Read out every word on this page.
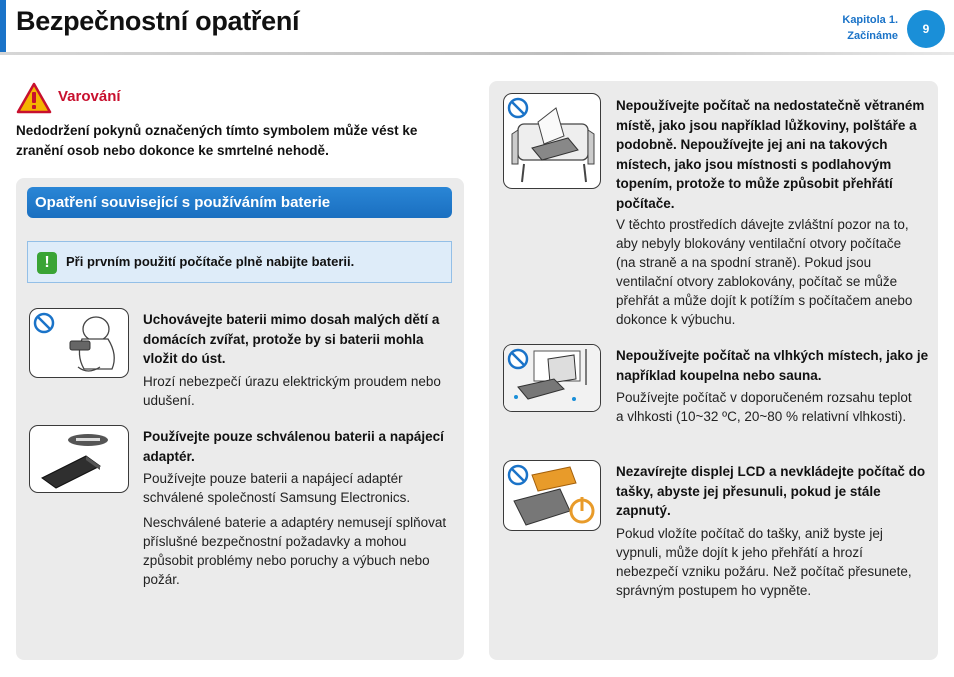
Bezpečnostní opatření	Kapitola 1.
Začínáme	9
Varování
Nedodržení pokynů označených tímto symbolem může vést ke zranění osob nebo dokonce ke smrtelné nehodě.
Opatření související s používáním baterie
!	Při prvním použití počítače plně nabijte baterii.
Uchovávejte baterii mimo dosah malých dětí a domácích zvířat, protože by si baterii mohla vložit do úst.
Hrozí nebezpečí úrazu elektrickým proudem nebo udušení.
Používejte pouze schválenou baterii a napájecí adaptér.
Používejte pouze baterii a napájecí adaptér schválené společností Samsung Electronics.
Neschválené baterie a adaptéry nemusejí splňovat příslušné bezpečnostní požadavky a mohou způsobit problémy nebo poruchy a výbuch nebo požár.
Nepoužívejte počítač na nedostatečně větraném místě, jako jsou například lůžkoviny, polštáře a podobně. Nepoužívejte jej ani na takových místech, jako jsou místnosti s podlahovým topením, protože to může způsobit přehřátí počítače.
V těchto prostředích dávejte zvláštní pozor na to, aby nebyly blokovány ventilační otvory počítače (na straně a na spodní straně). Pokud jsou ventilační otvory zablokovány, počítač se může přehřát a může dojít k potížím s počítačem anebo dokonce k výbuchu.
Nepoužívejte počítač na vlhkých místech, jako je například koupelna nebo sauna.
Používejte počítač v doporučeném rozsahu teplot a vlhkosti (10~32 ºC, 20~80 % relativní vlhkosti).
Nezavírejte displej LCD a nevkládejte počítač do tašky, abyste jej přesunuli, pokud je stále zapnutý.
Pokud vložíte počítač do tašky, aniž byste jej vypnuli, může dojít k jeho přehřátí a hrozí nebezpečí vzniku požáru. Než počítač přesunete, správným postupem ho vypněte.
